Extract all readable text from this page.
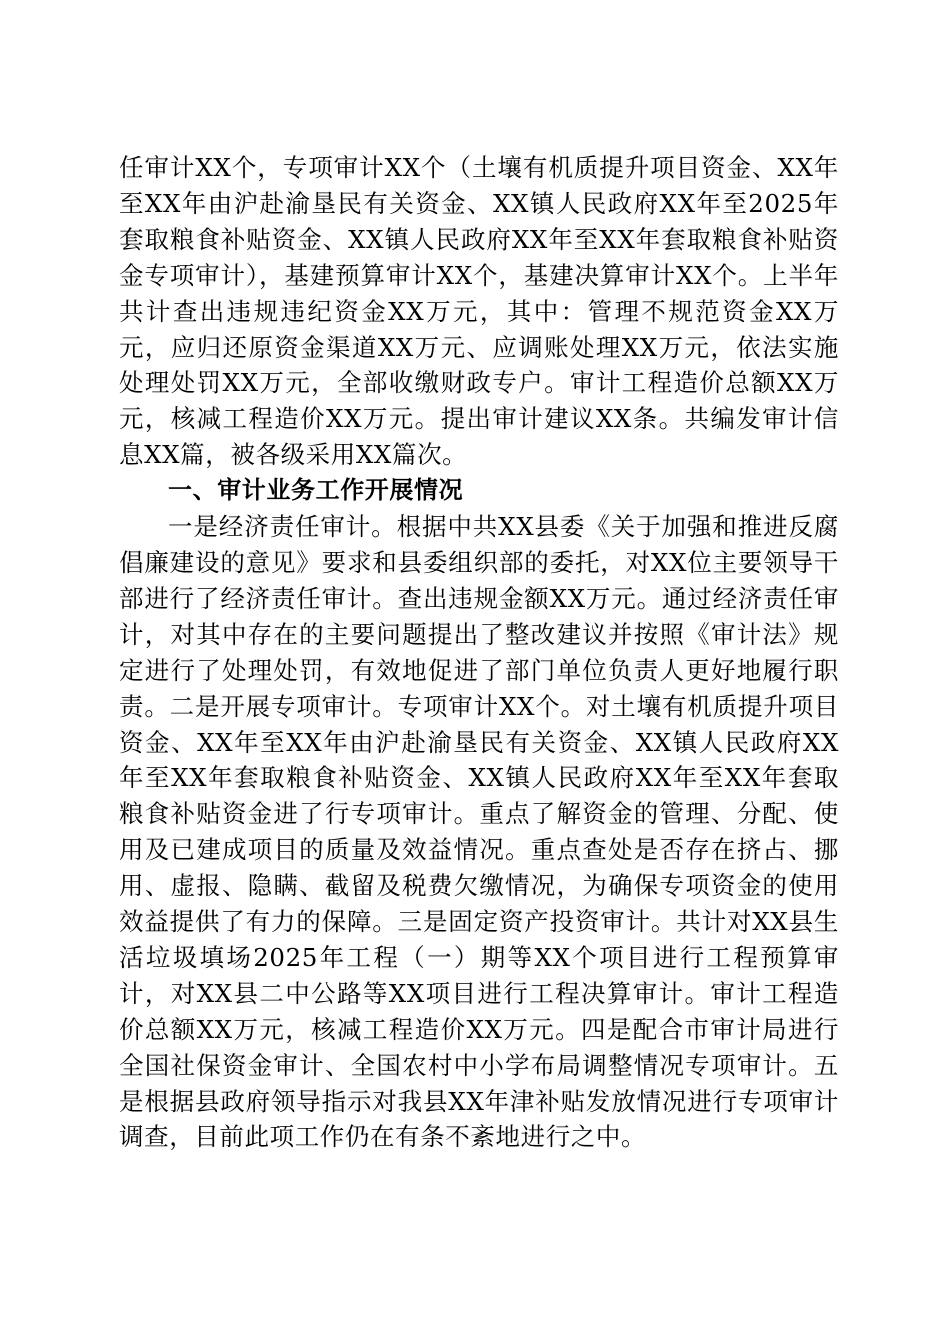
任审计XX个，专项审计XX个（土壤有机质提升项目资金、XX年至XX年由沪赴渝垦民有关资金、XX镇人民政府XX年至2025年套取粮食补贴资金、XX镇人民政府XX年至XX年套取粮食补贴资金专项审计），基建预算审计XX个，基建决算审计XX个。上半年共计查出违规违纪资金XX万元，其中：管理不规范资金XX万元，应归还原资金渠道XX万元、应调账处理XX万元，依法实施处理处罚XX万元，全部收缴财政专户。审计工程造价总额XX万元，核减工程造价XX万元。提出审计建议XX条。共编发审计信息XX篇，被各级采用XX篇次。

一、审计业务工作开展情况

一是经济责任审计。根据中共XX县委《关于加强和推进反腐倡廉建设的意见》要求和县委组织部的委托，对XX位主要领导干部进行了经济责任审计。查出违规金额XX万元。通过经济责任审计，对其中存在的主要问题提出了整改建议并按照《审计法》规定进行了处理处罚，有效地促进了部门单位负责人更好地履行职责。二是开展专项审计。专项审计XX个。对土壤有机质提升项目资金、XX年至XX年由沪赴渝垦民有关资金、XX镇人民政府XX年至XX年套取粮食补贴资金、XX镇人民政府XX年至XX年套取粮食补贴资金进了行专项审计。重点了解资金的管理、分配、使用及已建成项目的质量及效益情况。重点查处是否存在挤占、挪用、虚报、隐瞒、截留及税费欠缴情况，为确保专项资金的使用效益提供了有力的保障。三是固定资产投资审计。共计对XX县生活垃圾填场2025年工程（一）期等XX个项目进行工程预算审计，对XX县二中公路等XX项目进行工程决算审计。审计工程造价总额XX万元，核减工程造价XX万元。四是配合市审计局进行全国社保资金审计、全国农村中小学布局调整情况专项审计。五是根据县政府领导指示对我县XX年津补贴发放情况进行专项审计调查，目前此项工作仍在有条不紊地进行之中。
